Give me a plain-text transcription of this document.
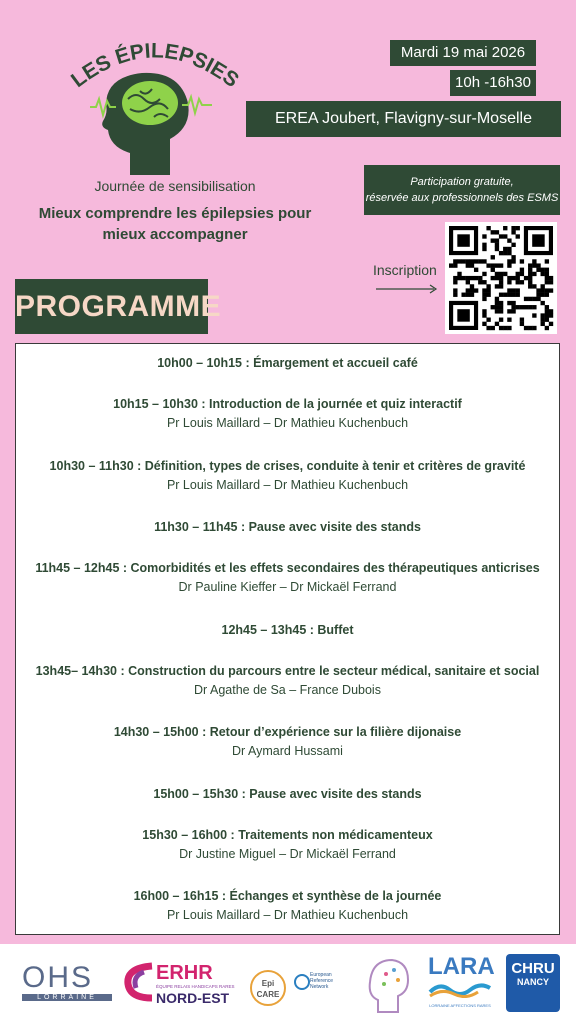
ES ÉPILEPSIE
Journée de sensibilisation
Mieux comprendre les épilepsies pour
mieux accompagner
Mardi 19 mai 2026
10h -16h30
EREA Joubert, Flavigny-sur-Moselle
Participation gratuite,
réservée aux professionnels des ESMS
Inscription
PROGRAMME
10h00 – 10h15 : Émargement et accueil café
10h15 – 10h30 : Introduction de la journée et quiz interactif
Pr Louis Maillard – Dr Mathieu Kuchenbuch
10h30 – 11h30 : Définition, types de crises, conduite à tenir et critères de gravité
Pr Louis Maillard – Dr Mathieu Kuchenbuch
11h30 – 11h45 : Pause avec visite des stands
11h45 – 12h45 : Comorbidités et les effets secondaires des thérapeutiques anticrises
Dr Pauline Kieffer – Dr Mickaël Ferrand
12h45 – 13h45 : Buffet
13h45– 14h30 : Construction du parcours entre le secteur médical, sanitaire et social
Dr Agathe de Sa – France Dubois
14h30 – 15h00 : Retour d’expérience sur la filière dijonaise
Dr Aymard Hussami
15h00 – 15h30 : Pause avec visite des stands
15h30 – 16h00 : Traitements non médicamenteux
Dr Justine Miguel – Dr Mickaël Ferrand
16h00 – 16h15 : Échanges et synthèse de la journée
Pr Louis Maillard – Dr Mathieu Kuchenbuch
OHS
LORRAINE
ERHR
ÉQUIPE RELAIS HANDICAPS RARES
NORD-EST
Epi CARE
European
Reference
Network
LARA
LORRAINE AFFECTIONS RARES
CHRU
NANCY
